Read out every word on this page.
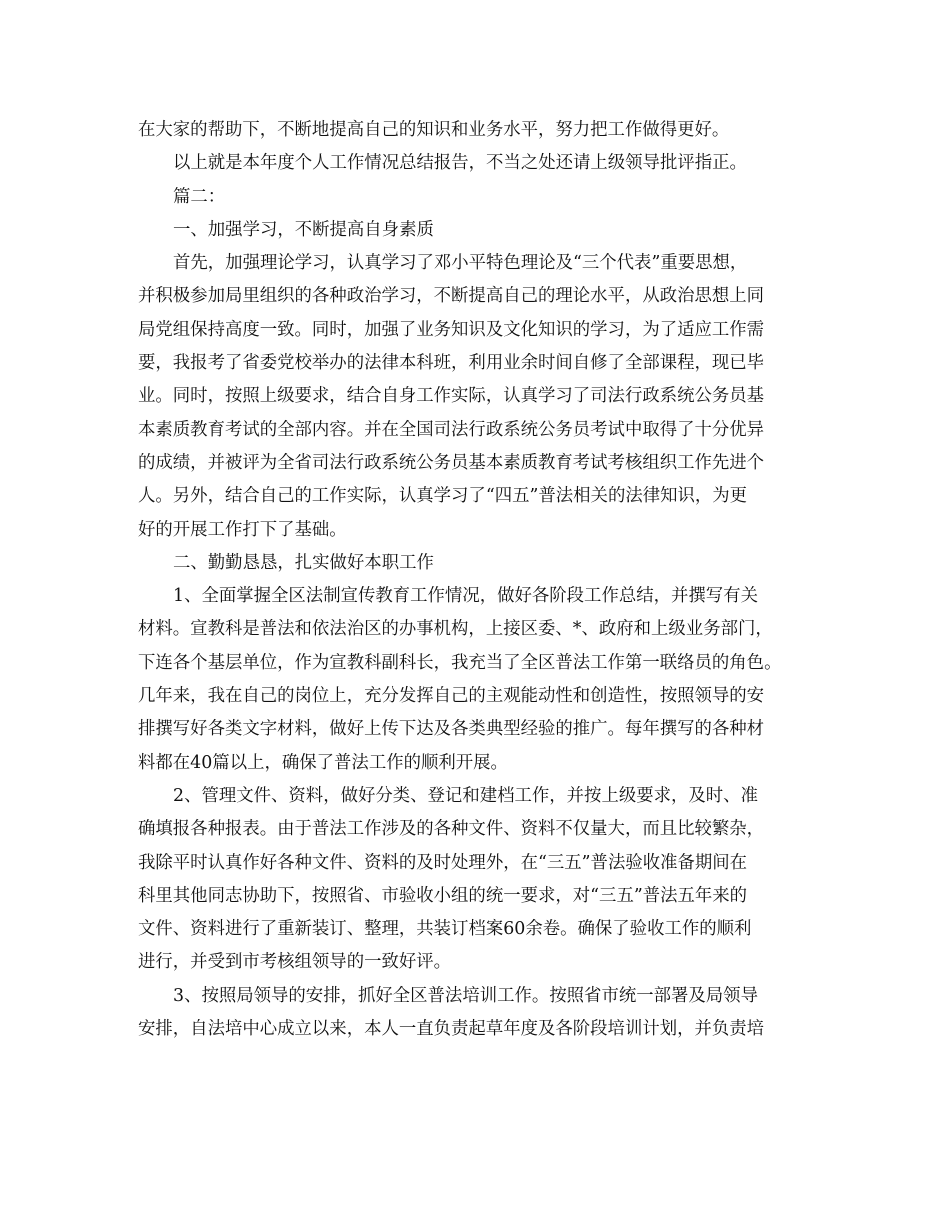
在大家的帮助下，不断地提高自己的知识和业务水平，努力把工作做得更好。
以上就是本年度个人工作情况总结报告，不当之处还请上级领导批评指正。
篇二：
一、加强学习，不断提高自身素质
首先，加强理论学习，认真学习了邓小平特色理论及“三个代表”重要思想，
并积极参加局里组织的各种政治学习，不断提高自己的理论水平，从政治思想上同
局党组保持高度一致。同时，加强了业务知识及文化知识的学习，为了适应工作需
要，我报考了省委党校举办的法律本科班，利用业余时间自修了全部课程，现已毕
业。同时，按照上级要求，结合自身工作实际，认真学习了司法行政系统公务员基
本素质教育考试的全部内容。并在全国司法行政系统公务员考试中取得了十分优异
的成绩，并被评为全省司法行政系统公务员基本素质教育考试考核组织工作先进个
人。另外，结合自己的工作实际，认真学习了“四五”普法相关的法律知识，为更
好的开展工作打下了基础。
二、勤勤恳恳，扎实做好本职工作
1、全面掌握全区法制宣传教育工作情况，做好各阶段工作总结，并撰写有关
材料。宣教科是普法和依法治区的办事机构，上接区委、*、政府和上级业务部门，
下连各个基层单位，作为宣教科副科长，我充当了全区普法工作第一联络员的角色。
几年来，我在自己的岗位上，充分发挥自己的主观能动性和创造性，按照领导的安
排撰写好各类文字材料，做好上传下达及各类典型经验的推广。每年撰写的各种材
料都在40篇以上，确保了普法工作的顺利开展。
2、管理文件、资料，做好分类、登记和建档工作，并按上级要求，及时、准
确填报各种报表。由于普法工作涉及的各种文件、资料不仅量大，而且比较繁杂，
我除平时认真作好各种文件、资料的及时处理外，在“三五”普法验收准备期间在
科里其他同志协助下，按照省、市验收小组的统一要求，对“三五”普法五年来的
文件、资料进行了重新装订、整理，共装订档案60余卷。确保了验收工作的顺利
进行，并受到市考核组领导的一致好评。
3、按照局领导的安排，抓好全区普法培训工作。按照省市统一部署及局领导
安排，自法培中心成立以来，本人一直负责起草年度及各阶段培训计划，并负责培
